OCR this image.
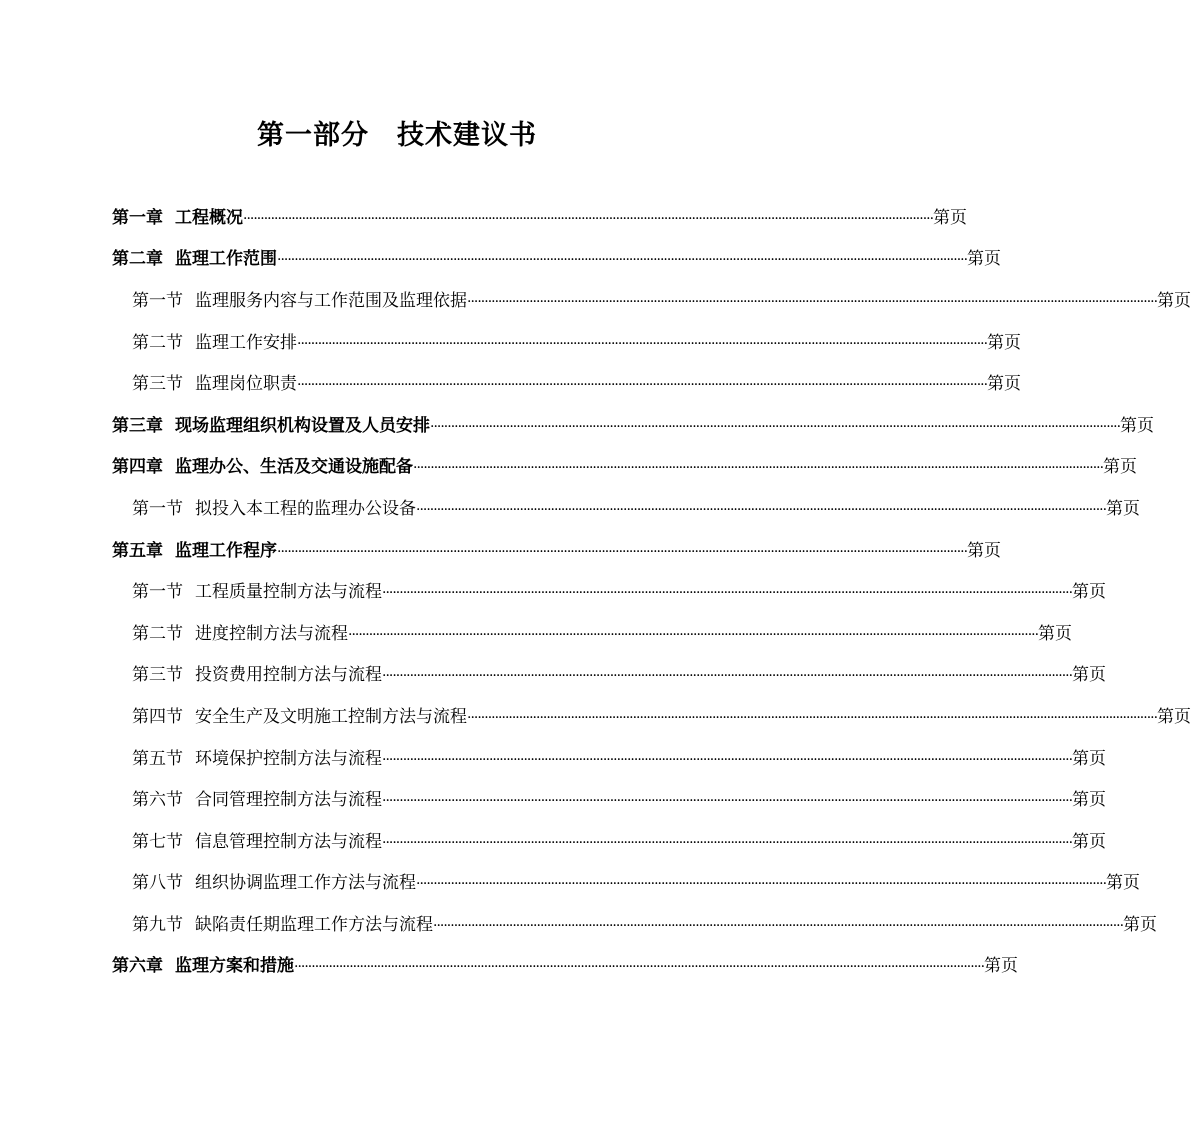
第一部分　技术建议书
第一章 工程概况 ········································································································································································································ 第页
第二章 监理工作范围 ········································································································································································································ 第页
第一节 监理服务内容与工作范围及监理依据 ········································································································································································································ 第页
第二节 监理工作安排 ········································································································································································································ 第页
第三节 监理岗位职责 ········································································································································································································ 第页
第三章 现场监理组织机构设置及人员安排 ········································································································································································································ 第页
第四章 监理办公、生活及交通设施配备 ········································································································································································································ 第页
第一节 拟投入本工程的监理办公设备 ········································································································································································································ 第页
第五章 监理工作程序 ········································································································································································································ 第页
第一节 工程质量控制方法与流程 ········································································································································································································ 第页
第二节 进度控制方法与流程 ········································································································································································································ 第页
第三节 投资费用控制方法与流程 ········································································································································································································ 第页
第四节 安全生产及文明施工控制方法与流程 ········································································································································································································ 第页
第五节 环境保护控制方法与流程 ········································································································································································································ 第页
第六节 合同管理控制方法与流程 ········································································································································································································ 第页
第七节 信息管理控制方法与流程 ········································································································································································································ 第页
第八节 组织协调监理工作方法与流程 ········································································································································································································ 第页
第九节 缺陷责任期监理工作方法与流程 ········································································································································································································ 第页
第六章 监理方案和措施 ········································································································································································································ 第页
